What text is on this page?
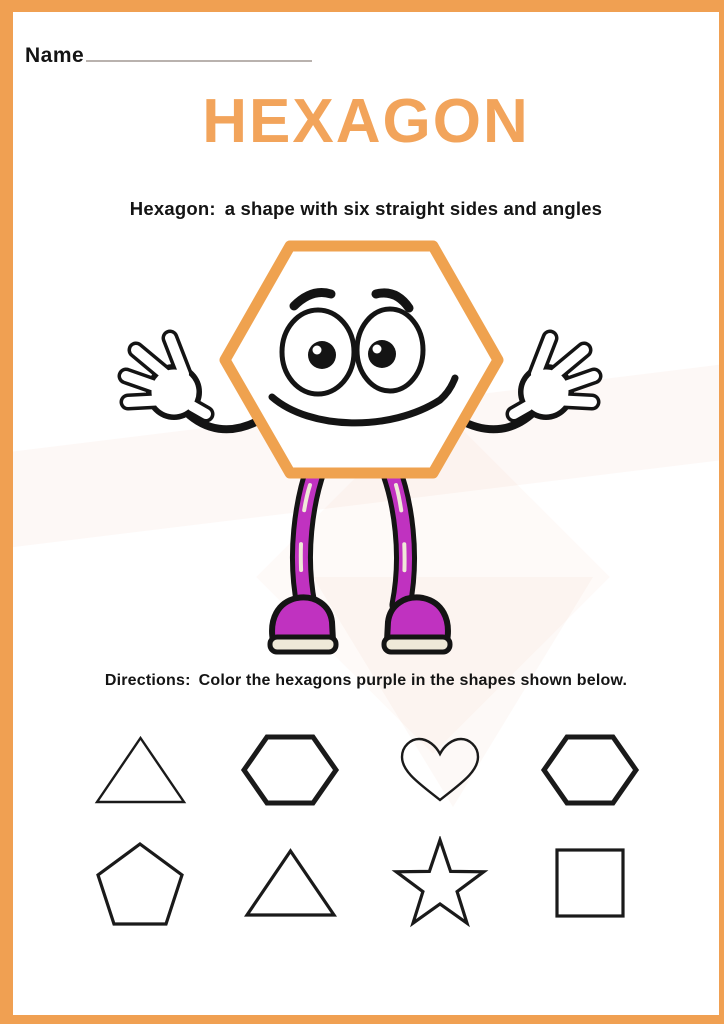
Name
HEXAGON

Hexagon: a shape with six straight sides and angles

Directions: Color the hexagons purple in the shapes shown below.
